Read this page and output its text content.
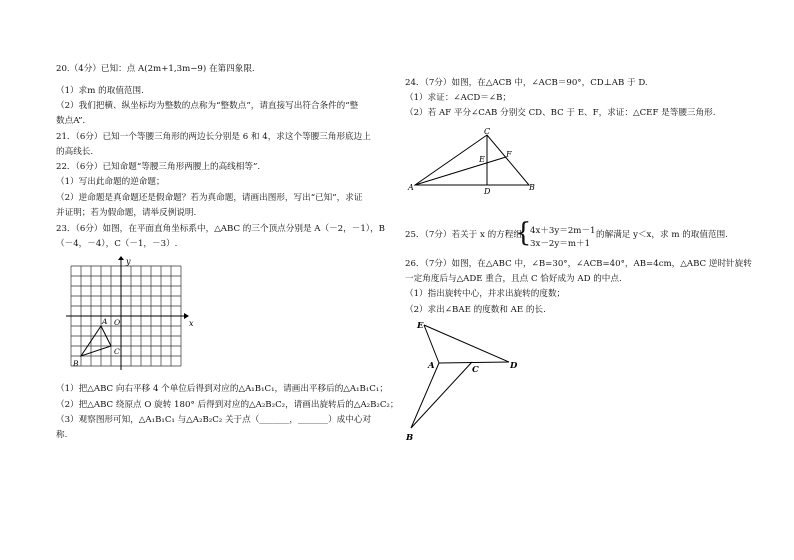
20.（4分）已知：点 A(2m+1,3m−9) 在第四象限.
（1）求m 的取值范围.
（2）我们把横、纵坐标均为整数的点称为“整数点”，请直接写出符合条件的“整
数点A”．
21．（6分）已知一个等腰三角形的两边长分别是 6 和 4，求这个等腰三角形底边上
的高线长.
22．（6分）已知命题“等腰三角形两腰上的高线相等”.
（1）写出此命题的逆命题；
（2）逆命题是真命题还是假命题？若为真命题，请画出图形，写出“已知”，求证
并证明；若为假命题，请举反例说明.
23．（6分）如图，在平面直角坐标系中，△ABC 的三个顶点分别是 A（－2，－1），B
（－4，－4），C（－1，－3）.
x
y
O
A
B
C
（1）把△ABC 向右平移 4 个单位后得到对应的△A₁B₁C₁，请画出平移后的△A₁B₁C₁；
（2）把△ABC 绕原点 O 旋转 180° 后得到对应的△A₂B₂C₂，请画出旋转后的△A₂B₂C₂；
（3）观察图形可知，△A₁B₁C₁ 与△A₂B₂C₂ 关于点（_______，_______）成中心对
称.
24．（7分）如图，在△ACB 中，∠ACB＝90°，CD⊥AB 于 D.
（1）求证：∠ACD＝∠B；
（2）若 AF 平分∠CAB 分别交 CD、BC 于 E、F，求证：△CEF 是等腰三角形.
C
E
F
A	D	B
25．（7分）若关于 x 的方程组
{
4x＋3y＝2m－1
3x－2y＝m＋1
的解满足 y＜x，求 m 的取值范围.
26．（7分）如图，在△ABC 中，∠B=30°，∠ACB=40°，AB=4cm，△ABC 逆时针旋转
一定角度后与△ADE 重合，且点 C 恰好成为 AD 的中点.
（1）指出旋转中心，并求出旋转的度数；
（2）求出∠BAE 的度数和 AE 的长.
E
A	C	D
B
